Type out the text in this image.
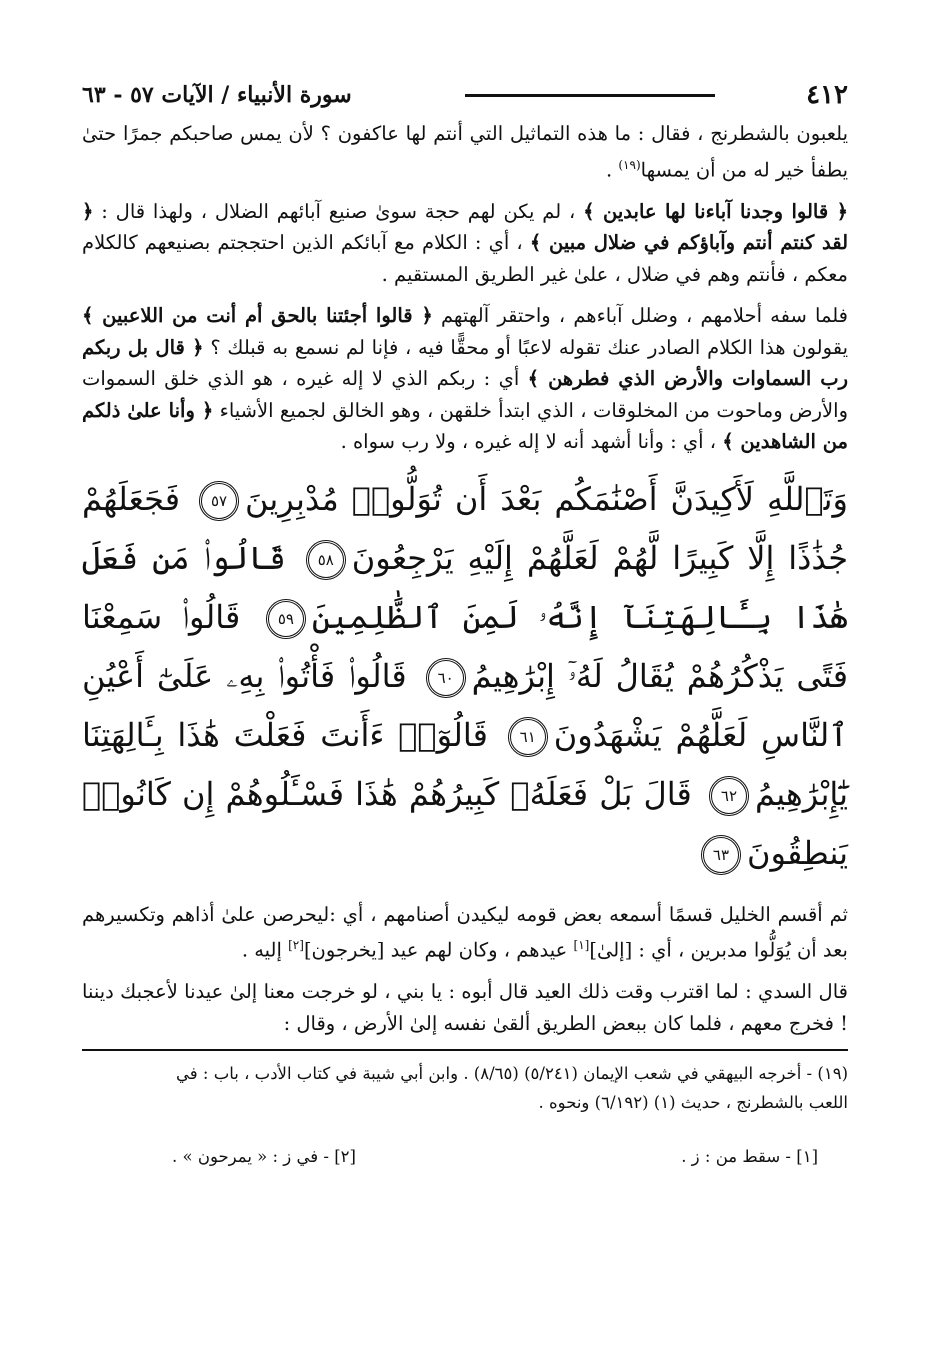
٤١٢
سورة الأنبياء / الآيات ٥٧ - ٦٣

يلعبون بالشطرنج ، فقال : ما هذه التماثيل التي أنتم لها عاكفون ؟ لأن يمس صاحبكم جمرًا حتىٰ يطفأ خير له من أن يمسها$^{(١٩)}$ .

﴿ قالوا وجدنا آباءنا لها عابدين ﴾ ، لم يكن لهم حجة سوىٰ صنيع آبائهم الضلال ، ولهذا قال : ﴿ لقد كنتم أنتم وآباؤكم في ضلال مبين ﴾ ، أي : الكلام مع آبائكم الذين احتججتم بصنيعهم كالكلام معكم ، فأنتم وهم في ضلال ، علىٰ غير الطريق المستقيم .

فلما سفه أحلامهم ، وضلل آباءهم ، واحتقر آلهتهم ﴿ قالوا أجئتنا بالحق أم أنت من اللاعبين ﴾ يقولون هذا الكلام الصادر عنك تقوله لاعبًا أو محقًّا فيه ، فإنا لم نسمع به قبلك ؟ ﴿ قال بل ربكم رب السماوات والأرض الذي فطرهن ﴾ أي : ربكم الذي لا إله غيره ، هو الذي خلق السموات والأرض وماحوت من المخلوقات ، الذي ابتدأ خلقهن ، وهو الخالق لجميع الأشياء ﴿ وأنا علىٰ ذلكم من الشاهدين ﴾ ، أي : وأنا أشهد أنه لا إله غيره ، ولا رب سواه .

وَتَٱللَّهِ لَأَكِيدَنَّ أَصْنَٰمَكُم بَعْدَ أَن تُوَلُّوا۟ مُدْبِرِينَ٥٧ فَجَعَلَهُمْ جُذَٰذًا إِلَّا كَبِيرًا لَّهُمْ لَعَلَّهُمْ إِلَيْهِ يَرْجِعُونَ٥٨ قَالُوا۟ مَن فَعَلَ هَٰذَا بِـَٔالِهَتِنَآ إِنَّهُۥ لَمِنَ ٱلظَّٰلِمِينَ٥٩ قَالُوا۟ سَمِعْنَا فَتًى يَذْكُرُهُمْ يُقَالُ لَهُۥٓ إِبْرَٰهِيمُ٦٠ قَالُوا۟ فَأْتُوا۟ بِهِۦ عَلَىٰٓ أَعْيُنِ ٱلنَّاسِ لَعَلَّهُمْ يَشْهَدُونَ٦١ قَالُوٓا۟ ءَأَنتَ فَعَلْتَ هَٰذَا بِـَٔالِهَتِنَا يَٰٓإِبْرَٰهِيمُ٦٢ قَالَ بَلْ فَعَلَهُۥ كَبِيرُهُمْ هَٰذَا فَسْـَٔلُوهُمْ إِن كَانُوا۟ يَنطِقُونَ٦٣

ثم أقسم الخليل قسمًا أسمعه بعض قومه ليكيدن أصنامهم ، أي :ليحرصن علىٰ أذاهم وتكسيرهم بعد أن يُوَلُّوا مدبرين ، أي : [إلىٰ][١] عيدهم ، وكان لهم عيد [يخرجون][٢] إليه .

قال السدي : لما اقترب وقت ذلك العيد قال أبوه : يا بني ، لو خرجت معنا إلىٰ عيدنا لأعجبك ديننا ! فخرج معهم ، فلما كان ببعض الطريق ألقىٰ نفسه إلىٰ الأرض ، وقال :

(١٩) - أخرجه البيهقي في شعب الإيمان (٥/٢٤١) (٨/٦٥) . وابن أبي شيبة في كتاب الأدب ، باب : في

اللعب بالشطرنج ، حديث (١) (٦/١٩٢) ونحوه .

[١] - سقط من : ز .
[٢] - في ز : « يمرحون » .
